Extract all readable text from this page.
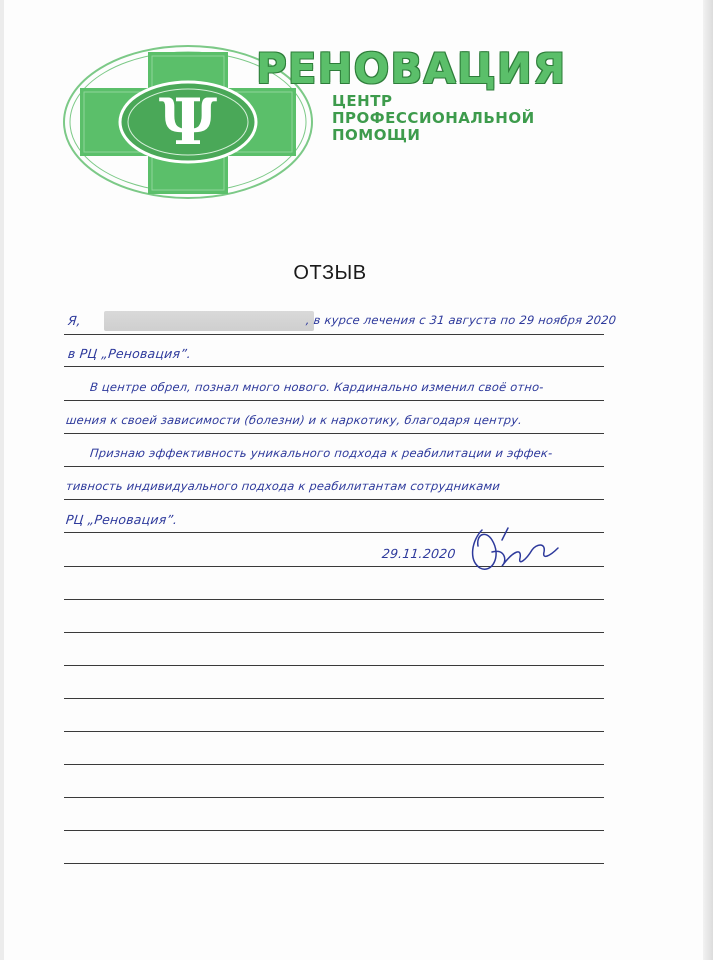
Ψ
РЕНОВАЦИЯ
ЦЕНТР
ПРОФЕССИОНАЛЬНОЙ
ПОМОЩИ
ОТЗЫВ
Я,	, в курсе лечения с 31 августа по 29 ноября 2020
в РЦ „Реновация”.
В центре обрел, познал много нового. Кардинально изменил своё отно-
шения к своей зависимости (болезни) и к наркотику, благодаря центру.
Признаю эффективность уникального подхода к реабилитации и эффек-
тивность индивидуального подхода к реабилитантам сотрудниками
РЦ „Реновация”.
29.11.2020
